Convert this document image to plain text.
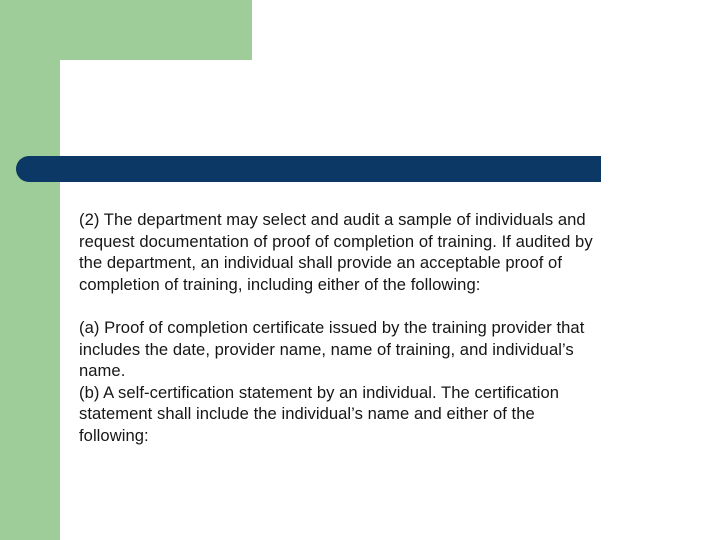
(2) The department may select and audit a sample of individuals and
request documentation of proof of completion of training. If audited by
the department, an individual shall provide an acceptable proof of
completion of training, including either of the following:

(a) Proof of completion certificate issued by the training provider that
includes the date, provider name, name of training, and individual’s
name.

(b) A self-certification statement by an individual. The certification
statement shall include the individual’s name and either of the
following:
